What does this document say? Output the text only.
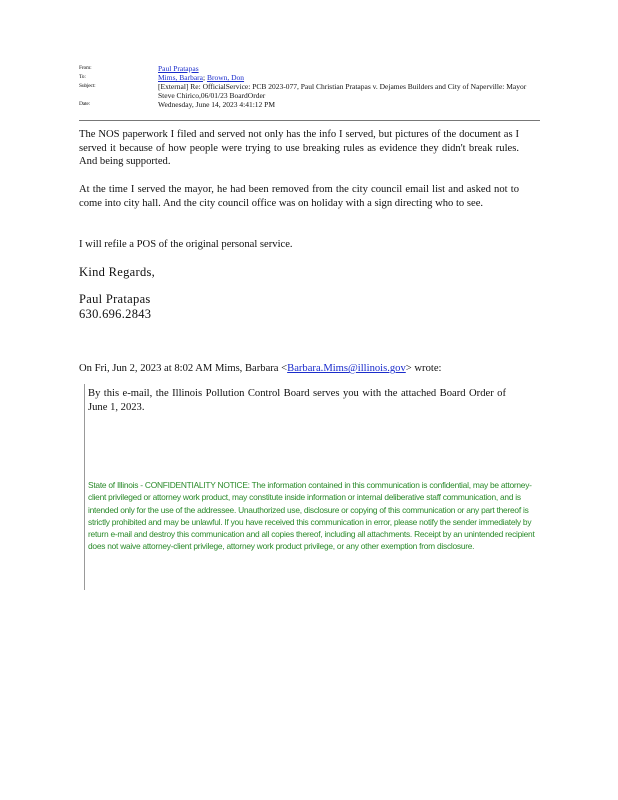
From:	Paul Pratapas
To:	Mims, Barbara; Brown, Don
Subject:	[External] Re: OfficialService: PCB 2023-077, Paul Christian Pratapas v. Dejames Builders and City of Naperville: Mayor Steve Chirico,06/01/23 BoardOrder
Date:	Wednesday, June 14, 2023 4:41:12 PM

The NOS paperwork I filed and served not only has the info I served, but pictures of the document as I served it because of how people were trying to use breaking rules as evidence they didn't break rules. And being supported.

At the time I served the mayor, he had been removed from the city council email list and asked not to come into city hall. And the city council office was on holiday with a sign directing who to see.

I will refile a POS of the original personal service.

Kind Regards,

Paul Pratapas

630.696.2843

On Fri, Jun 2, 2023 at 8:02 AM Mims, Barbara <Barbara.Mims@illinois.gov> wrote:

By this e-mail, the Illinois Pollution Control Board serves you with the attached Board Order of June 1, 2023.

State of Illinois - CONFIDENTIALITY NOTICE: The information contained in this communication is confidential, may be attorney-client privileged or attorney work product, may constitute inside information or internal deliberative staff communication, and is intended only for the use of the addressee. Unauthorized use, disclosure or copying of this communication or any part thereof is strictly prohibited and may be unlawful. If you have received this communication in error, please notify the sender immediately by return e-mail and destroy this communication and all copies thereof, including all attachments. Receipt by an unintended recipient does not waive attorney-client privilege, attorney work product privilege, or any other exemption from disclosure.
